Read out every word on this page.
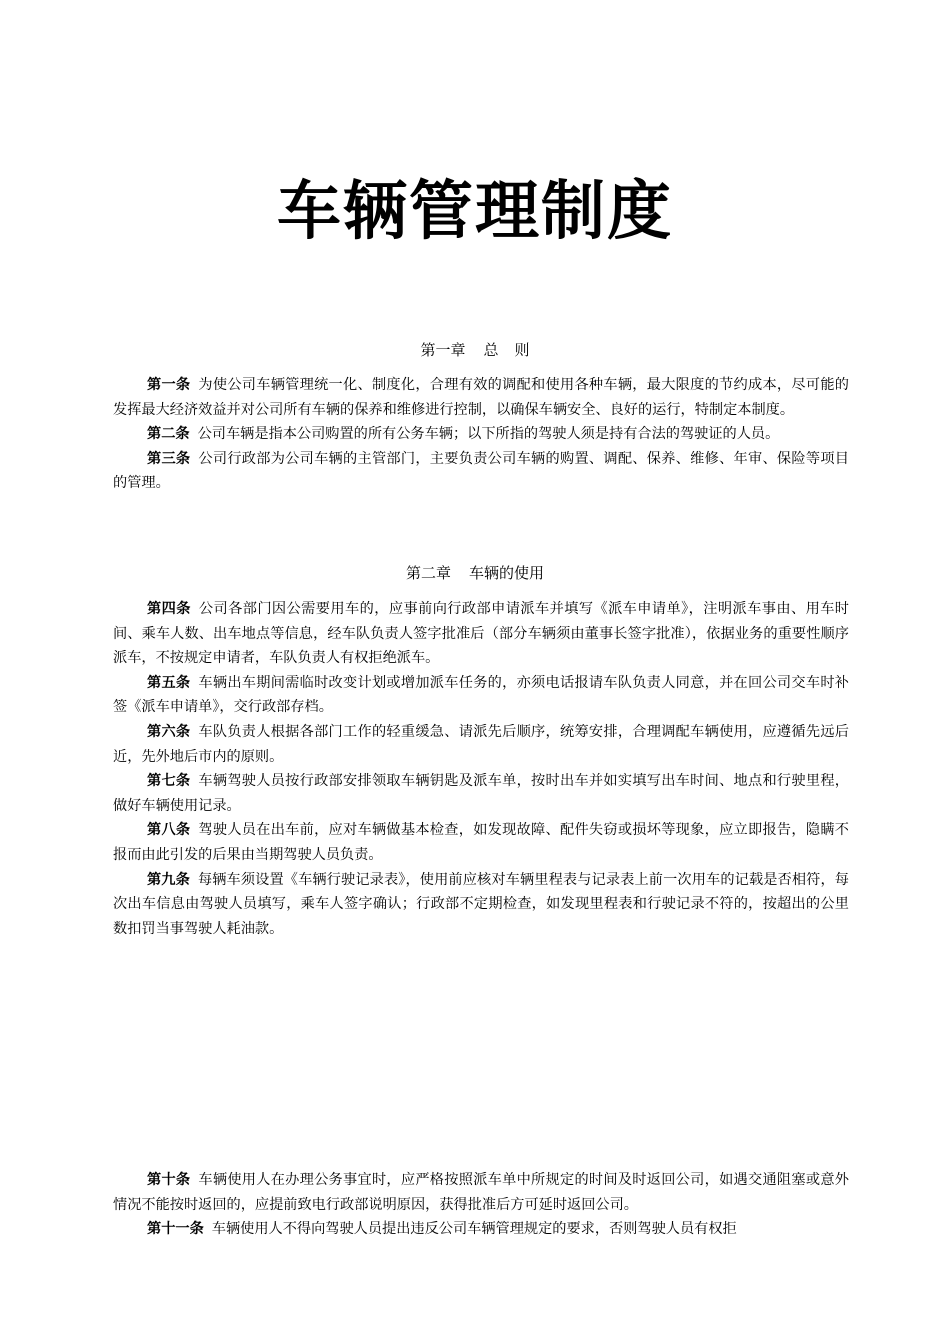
车辆管理制度
第一章 总 则

第一条 为使公司车辆管理统一化、制度化，合理有效的调配和使用各种车辆，最大限度的节约成本，尽可能的发挥最大经济效益并对公司所有车辆的保养和维修进行控制，以确保车辆安全、良好的运行，特制定本制度。

第二条 公司车辆是指本公司购置的所有公务车辆；以下所指的驾驶人须是持有合法的驾驶证的人员。

第三条 公司行政部为公司车辆的主管部门，主要负责公司车辆的购置、调配、保养、维修、年审、保险等项目的管理。

第二章 车辆的使用

第四条 公司各部门因公需要用车的，应事前向行政部申请派车并填写《派车申请单》，注明派车事由、用车时间、乘车人数、出车地点等信息，经车队负责人签字批准后（部分车辆须由董事长签字批准），依据业务的重要性顺序派车，不按规定申请者，车队负责人有权拒绝派车。

第五条 车辆出车期间需临时改变计划或增加派车任务的，亦须电话报请车队负责人同意，并在回公司交车时补签《派车申请单》，交行政部存档。

第六条 车队负责人根据各部门工作的轻重缓急、请派先后顺序，统筹安排，合理调配车辆使用，应遵循先远后近，先外地后市内的原则。

第七条 车辆驾驶人员按行政部安排领取车辆钥匙及派车单，按时出车并如实填写出车时间、地点和行驶里程，做好车辆使用记录。

第八条 驾驶人员在出车前，应对车辆做基本检查，如发现故障、配件失窃或损坏等现象，应立即报告，隐瞒不报而由此引发的后果由当期驾驶人员负责。

第九条 每辆车须设置《车辆行驶记录表》，使用前应核对车辆里程表与记录表上前一次用车的记载是否相符，每次出车信息由驾驶人员填写，乘车人签字确认；行政部不定期检查，如发现里程表和行驶记录不符的，按超出的公里数扣罚当事驾驶人耗油款。

第十条 车辆使用人在办理公务事宜时，应严格按照派车单中所规定的时间及时返回公司，如遇交通阻塞或意外情况不能按时返回的，应提前致电行政部说明原因，获得批准后方可延时返回公司。

第十一条 车辆使用人不得向驾驶人员提出违反公司车辆管理规定的要求，否则驾驶人员有权拒
